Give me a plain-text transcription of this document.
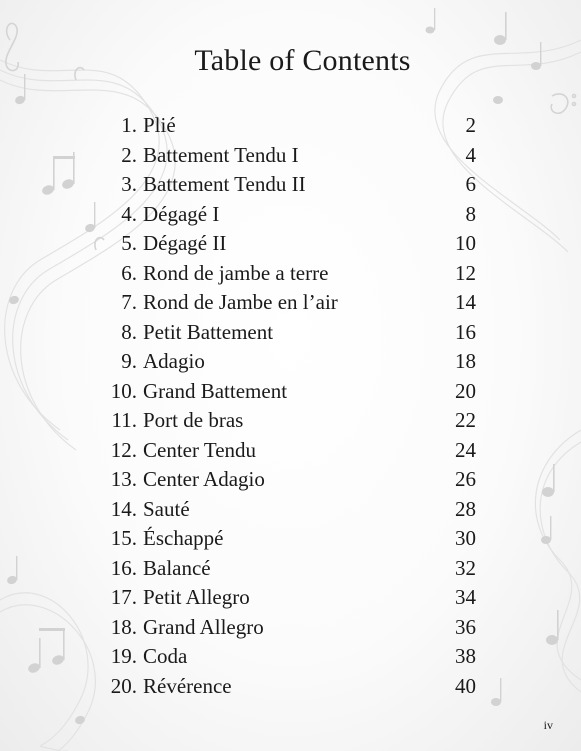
Table of Contents
1. Plié	2
2. Battement Tendu I	4
3. Battement Tendu II	6
4. Dégagé I	8
5. Dégagé II	10
6. Rond de jambe a terre	12
7. Rond de Jambe en l’air	14
8. Petit Battement	16
9. Adagio	18
10. Grand Battement	20
11. Port de bras	22
12. Center Tendu	24
13. Center Adagio	26
14. Sauté	28
15. Éschappé	30
16. Balancé	32
17. Petit Allegro	34
18. Grand Allegro	36
19. Coda	38
20. Révérence	40
iv
